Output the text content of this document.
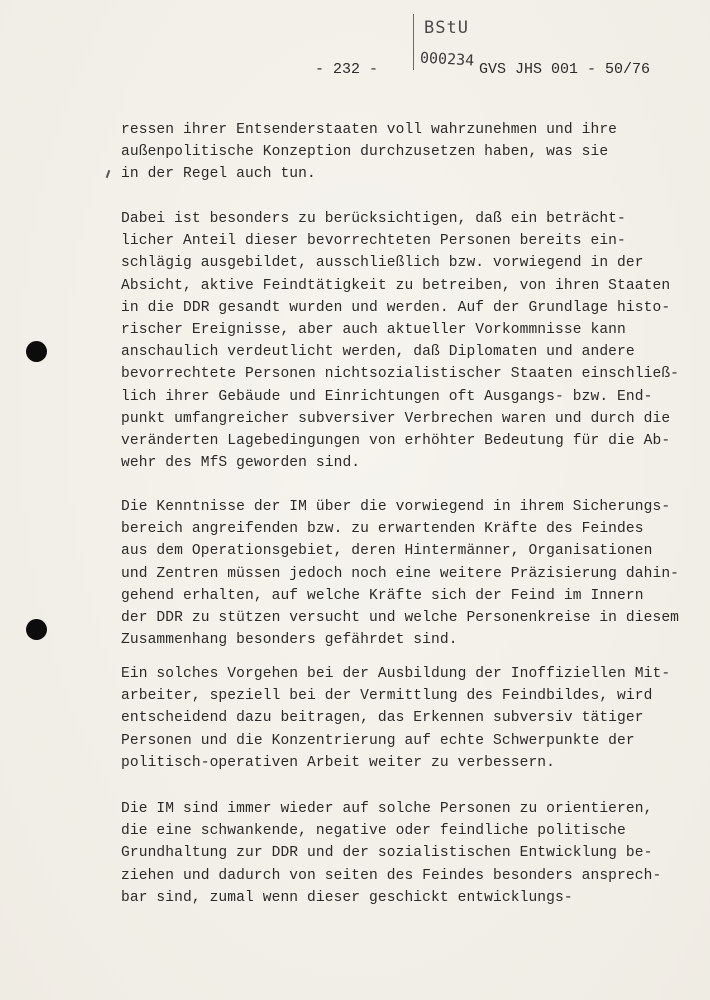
BStU
000234
- 232 -	GVS JHS 001 - 50/76
ressen ihrer Entsenderstaaten voll wahrzunehmen und ihre
außenpolitische Konzeption durchzusetzen haben, was sie
in der Regel auch tun.
Dabei ist besonders zu berücksichtigen, daß ein beträcht-
licher Anteil dieser bevorrechteten Personen bereits ein-
schlägig ausgebildet, ausschließlich bzw. vorwiegend in der
Absicht, aktive Feindtätigkeit zu betreiben, von ihren Staaten
in die DDR gesandt wurden und werden. Auf der Grundlage histo-
rischer Ereignisse, aber auch aktueller Vorkommnisse kann
anschaulich verdeutlicht werden, daß Diplomaten und andere
bevorrechtete Personen nichtsozialistischer Staaten einschließ-
lich ihrer Gebäude und Einrichtungen oft Ausgangs- bzw. End-
punkt umfangreicher subversiver Verbrechen waren und durch die
veränderten Lagebedingungen von erhöhter Bedeutung für die Ab-
wehr des MfS geworden sind.
Die Kenntnisse der IM über die vorwiegend in ihrem Sicherungs-
bereich angreifenden bzw. zu erwartenden Kräfte des Feindes
aus dem Operationsgebiet, deren Hintermänner, Organisationen
und Zentren müssen jedoch noch eine weitere Präzisierung dahin-
gehend erhalten, auf welche Kräfte sich der Feind im Innern
der DDR zu stützen versucht und welche Personenkreise in diesem
Zusammenhang besonders gefährdet sind.
Ein solches Vorgehen bei der Ausbildung der Inoffiziellen Mit-
arbeiter, speziell bei der Vermittlung des Feindbildes, wird
entscheidend dazu beitragen, das Erkennen subversiv tätiger
Personen und die Konzentrierung auf echte Schwerpunkte der
politisch-operativen Arbeit weiter zu verbessern.
Die IM sind immer wieder auf solche Personen zu orientieren,
die eine schwankende, negative oder feindliche politische
Grundhaltung zur DDR und der sozialistischen Entwicklung be-
ziehen und dadurch von seiten des Feindes besonders ansprech-
bar sind, zumal wenn dieser geschickt entwicklungs-
